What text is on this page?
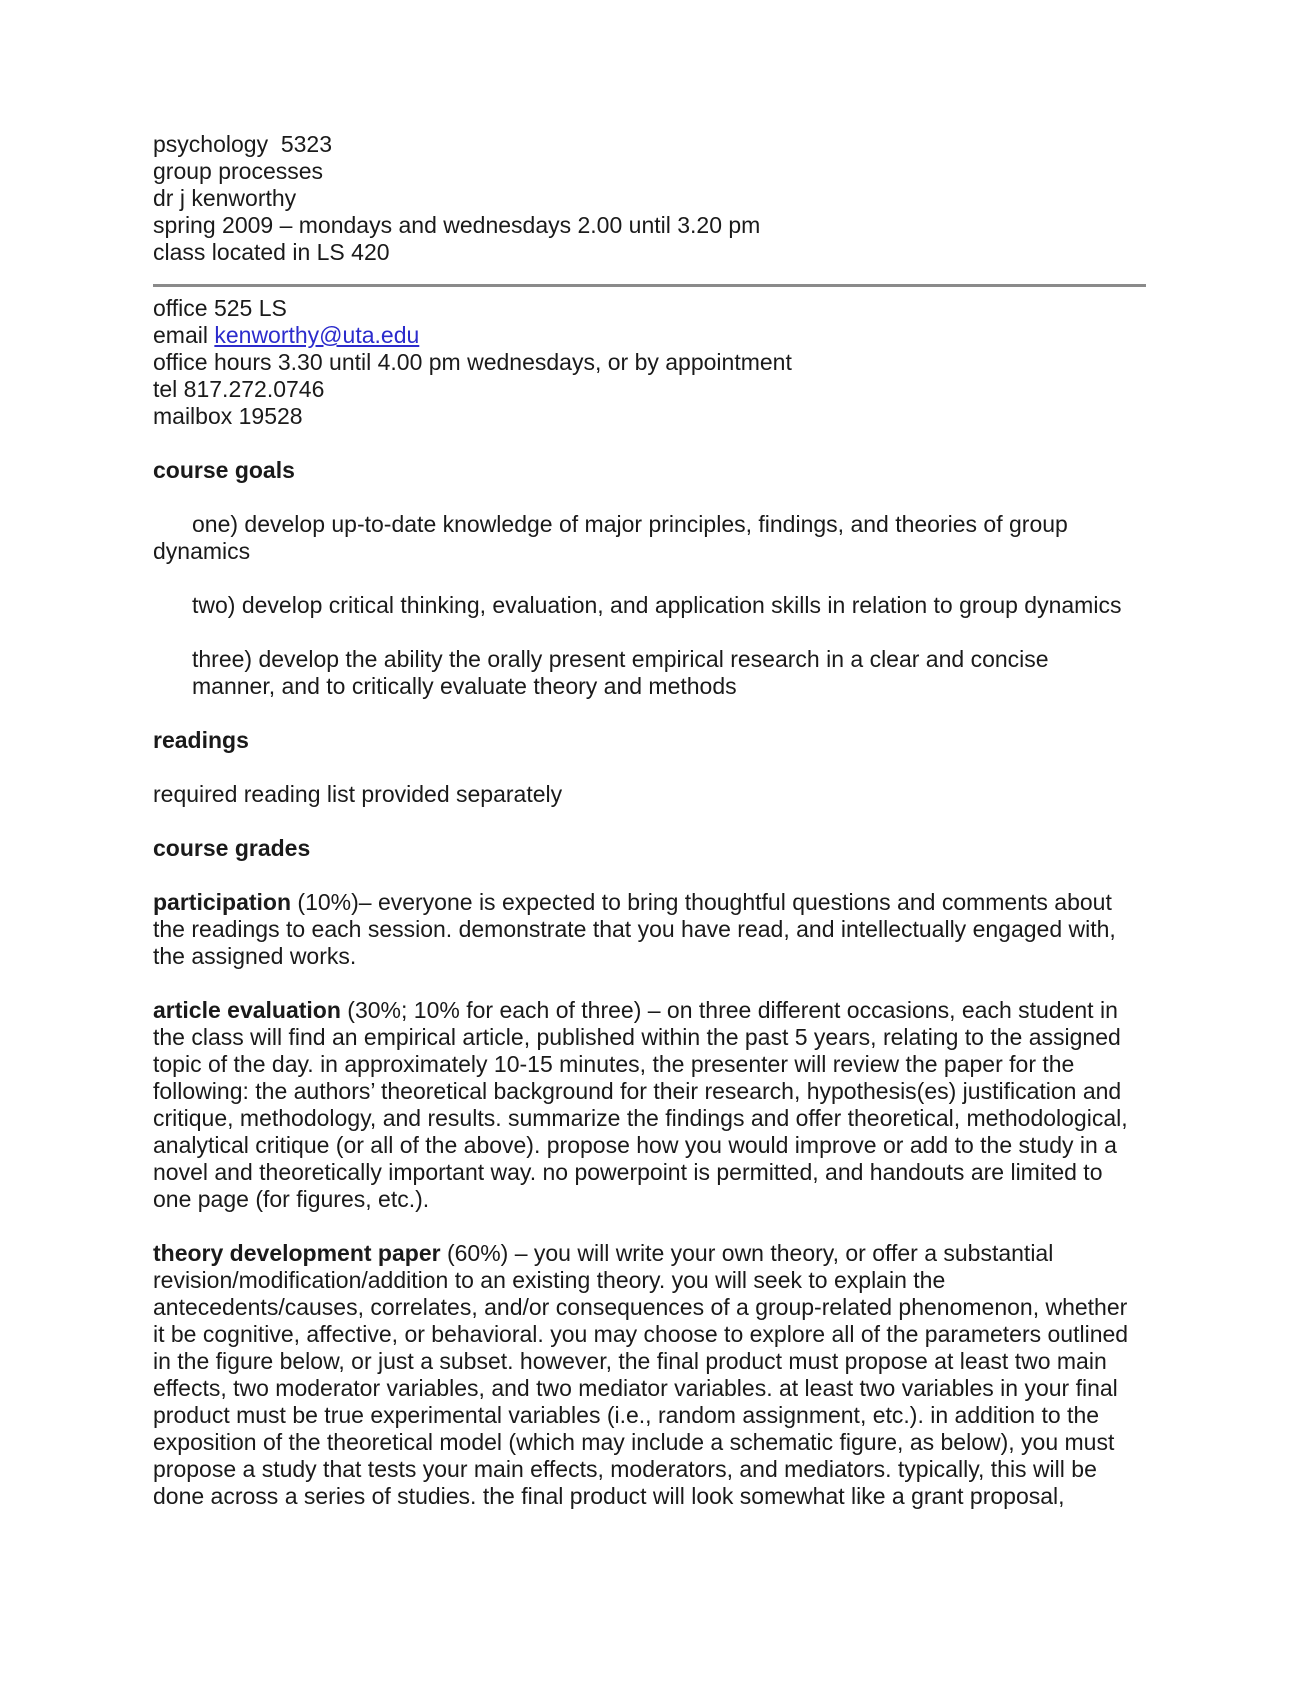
psychology  5323
group processes
dr j kenworthy
spring 2009 – mondays and wednesdays 2.00 until 3.20 pm
class located in LS 420
office 525 LS
email kenworthy@uta.edu
office hours 3.30 until 4.00 pm wednesdays, or by appointment
tel 817.272.0746
mailbox 19528
course goals
one) develop up-to-date knowledge of major principles, findings, and theories of group
dynamics
two) develop critical thinking, evaluation, and application skills in relation to group dynamics
three) develop the ability the orally present empirical research in a clear and concise
manner, and to critically evaluate theory and methods
readings
required reading list provided separately
course grades
participation (10%)– everyone is expected to bring thoughtful questions and comments about
the readings to each session. demonstrate that you have read, and intellectually engaged with,
the assigned works.
article evaluation (30%; 10% for each of three) – on three different occasions, each student in
the class will find an empirical article, published within the past 5 years, relating to the assigned
topic of the day. in approximately 10-15 minutes, the presenter will review the paper for the
following: the authors’ theoretical background for their research, hypothesis(es) justification and
critique, methodology, and results. summarize the findings and offer theoretical, methodological,
analytical critique (or all of the above). propose how you would improve or add to the study in a
novel and theoretically important way. no powerpoint is permitted, and handouts are limited to
one page (for figures, etc.).
theory development paper (60%) – you will write your own theory, or offer a substantial
revision/modification/addition to an existing theory. you will seek to explain the
antecedents/causes, correlates, and/or consequences of a group-related phenomenon, whether
it be cognitive, affective, or behavioral. you may choose to explore all of the parameters outlined
in the figure below, or just a subset. however, the final product must propose at least two main
effects, two moderator variables, and two mediator variables. at least two variables in your final
product must be true experimental variables (i.e., random assignment, etc.). in addition to the
exposition of the theoretical model (which may include a schematic figure, as below), you must
propose a study that tests your main effects, moderators, and mediators. typically, this will be
done across a series of studies. the final product will look somewhat like a grant proposal,
